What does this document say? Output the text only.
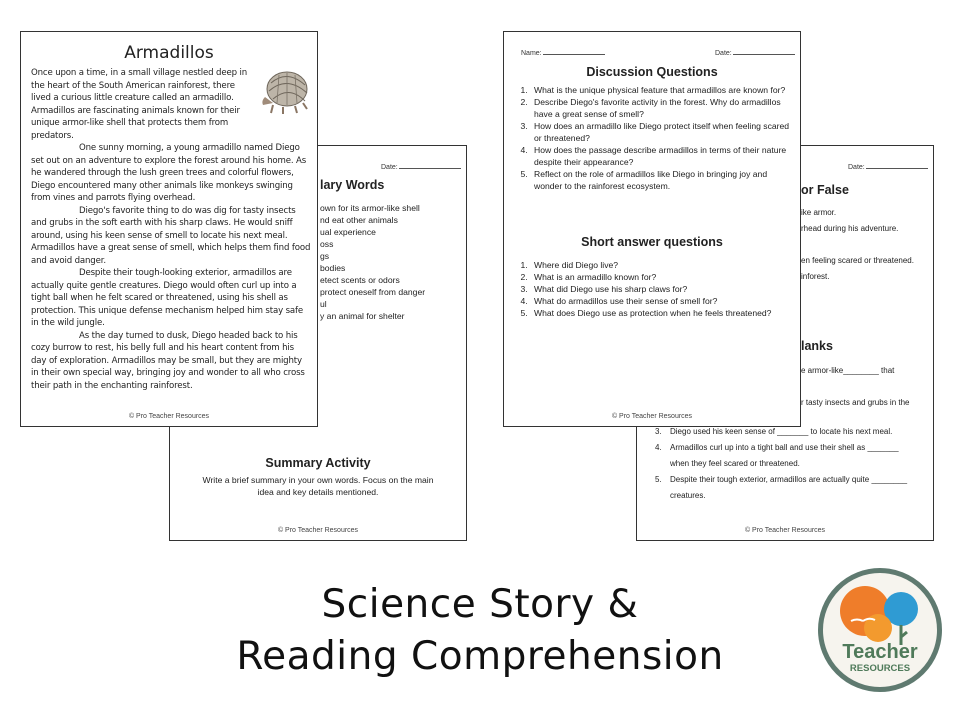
Date:
lary Words
own for its armor-like shell
nd eat other animals
ual experience
oss
gs
bodies
etect scents or odors
protect oneself from danger
ul
y an animal for shelter
Summary Activity
Write a brief summary in your own words. Focus on the main idea and key details mentioned.
© Pro Teacher Resources
Date:
or False
ike armor.
rhead during his adventure.
en feeling scared or threatened.
inforest.
lanks
e armor-like________ that
r tasty insects and grubs in the
3. Diego used his keen sense of _______ to locate his next meal.
4. Armadillos curl up into a tight ball and use their shell as _______
when they feel scared or threatened.
5. Despite their tough exterior, armadillos are actually quite ________
creatures.
© Pro Teacher Resources
Armadillos

Once upon a time, in a small village nestled deep in the heart of the South American rainforest, there lived a curious little creature called an armadillo. Armadillos are fascinating animals known for their unique armor-like shell that protects them from predators.

One sunny morning, a young armadillo named Diego set out on an adventure to explore the forest around his home. As he wandered through the lush green trees and colorful flowers, Diego encountered many other animals like monkeys swinging from vines and parrots flying overhead.

Diego's favorite thing to do was dig for tasty insects and grubs in the soft earth with his sharp claws. He would sniff around, using his keen sense of smell to locate his next meal. Armadillos have a great sense of smell, which helps them find food and avoid danger.

Despite their tough-looking exterior, armadillos are actually quite gentle creatures. Diego would often curl up into a tight ball when he felt scared or threatened, using his shell as protection. This unique defense mechanism helped him stay safe in the wild jungle.

As the day turned to dusk, Diego headed back to his cozy burrow to rest, his belly full and his heart content from his day of exploration. Armadillos may be small, but they are mighty in their own special way, bringing joy and wonder to all who cross their path in the enchanting rainforest.

© Pro Teacher Resources
Name:	Date:
Discussion Questions
1. What is the unique physical feature that armadillos are known for?
2. Describe Diego's favorite activity in the forest. Why do armadillos have a great sense of smell?
3. How does an armadillo like Diego protect itself when feeling scared or threatened?
4. How does the passage describe armadillos in terms of their nature despite their appearance?
5. Reflect on the role of armadillos like Diego in bringing joy and wonder to the rainforest ecosystem.
Short answer questions
1. Where did Diego live?
2. What is an armadillo known for?
3. What did Diego use his sharp claws for?
4. What do armadillos use their sense of smell for?
5. What does Diego use as protection when he feels threatened?
© Pro Teacher Resources
Science Story &
Reading Comprehension	Teacher
RESOURCES
